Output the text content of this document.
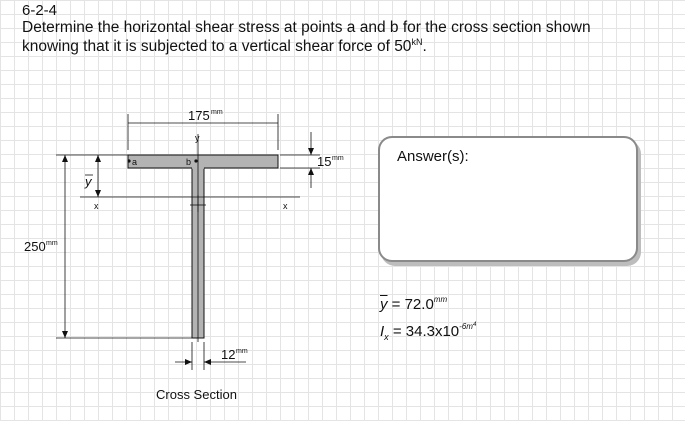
6-2-4
Determine the horizontal shear stress at points a and b for the cross section shown
knowing that it is subjected to a vertical shear force of $50^{kN}$.
175 mm
y
a	b	15 mm
y
x	x
250 mm
12 mm
Cross Section
Answer(s):
$\overline{y} = 72.0^{mm}$
$I_x = 34.3x10^{-6m4}$
